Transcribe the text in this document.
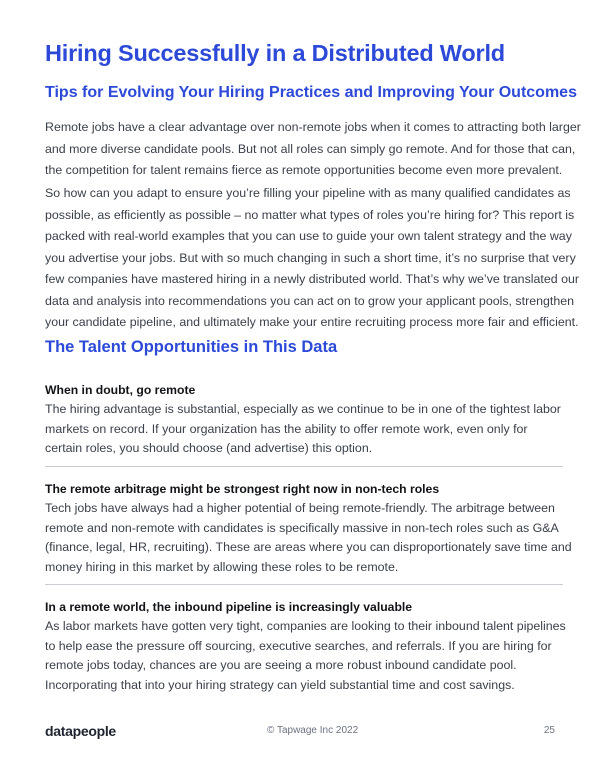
Hiring Successfully in a Distributed World
Tips for Evolving Your Hiring Practices and Improving Your Outcomes

Remote jobs have a clear advantage over non-remote jobs when it comes to attracting both larger
and more diverse candidate pools. But not all roles can simply go remote. And for those that can,
the competition for talent remains fierce as remote opportunities become even more prevalent.

So how can you adapt to ensure you’re filling your pipeline with as many qualified candidates as
possible, as efficiently as possible – no matter what types of roles you’re hiring for? This report is
packed with real-world examples that you can use to guide your own talent strategy and the way
you advertise your jobs. But with so much changing in such a short time, it’s no surprise that very
few companies have mastered hiring in a newly distributed world. That’s why we’ve translated our
data and analysis into recommendations you can act on to grow your applicant pools, strengthen
your candidate pipeline, and ultimately make your entire recruiting process more fair and efficient.

The Talent Opportunities in This Data
When in doubt, go remote

The hiring advantage is substantial, especially as we continue to be in one of the tightest labor
markets on record. If your organization has the ability to offer remote work, even only for
certain roles, you should choose (and advertise) this option.

The remote arbitrage might be strongest right now in non-tech roles

Tech jobs have always had a higher potential of being remote-friendly. The arbitrage between
remote and non-remote with candidates is specifically massive in non-tech roles such as G&A
(finance, legal, HR, recruiting). These are areas where you can disproportionately save time and
money hiring in this market by allowing these roles to be remote.

In a remote world, the inbound pipeline is increasingly valuable

As labor markets have gotten very tight, companies are looking to their inbound talent pipelines
to help ease the pressure off sourcing, executive searches, and referrals. If you are hiring for
remote jobs today, chances are you are seeing a more robust inbound candidate pool.
Incorporating that into your hiring strategy can yield substantial time and cost savings.

datapeople	© Tapwage Inc 2022	25
